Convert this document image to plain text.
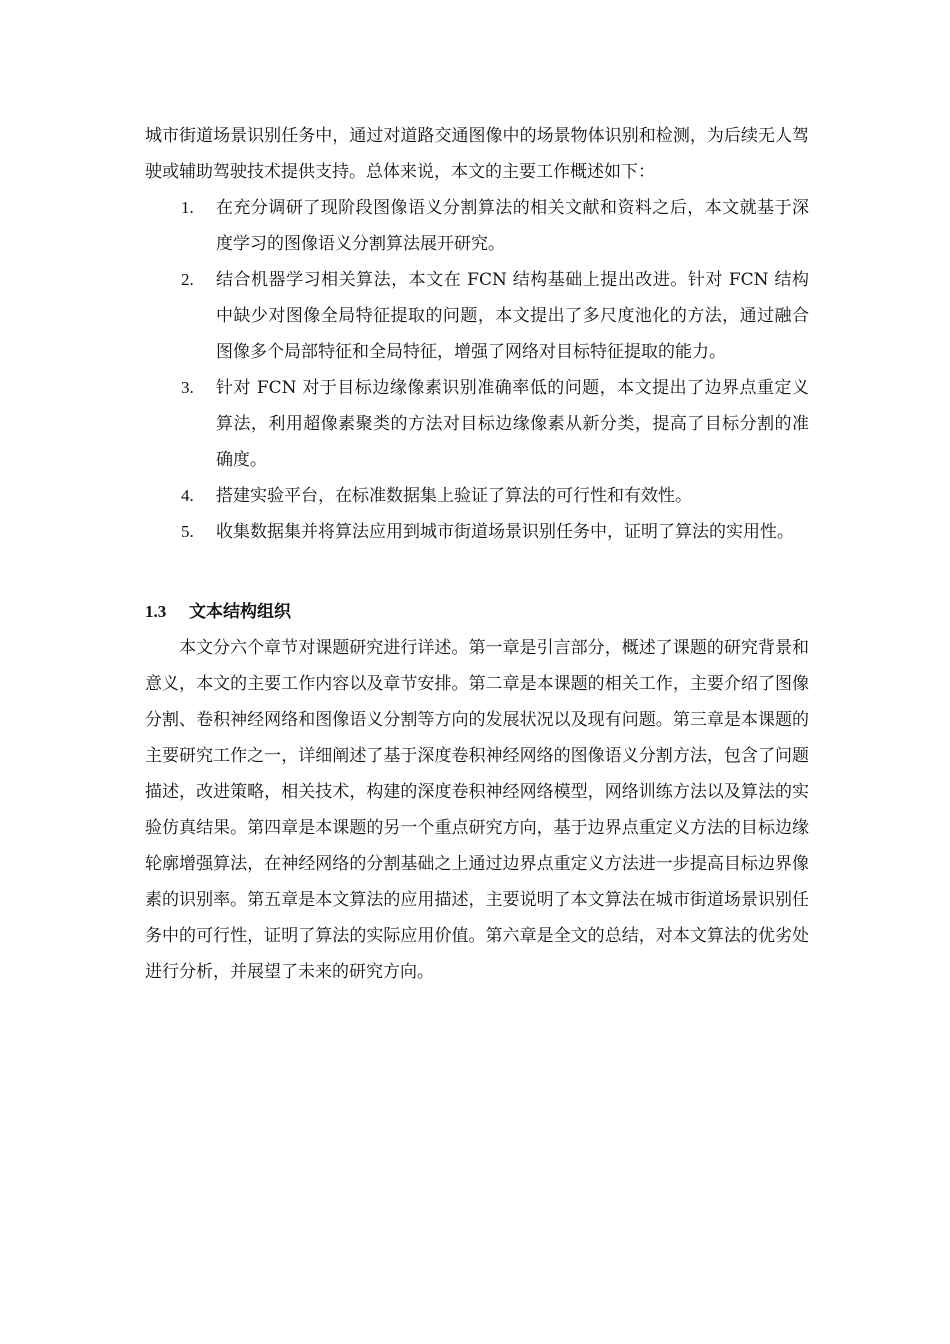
城市街道场景识别任务中，通过对道路交通图像中的场景物体识别和检测，为后续无人驾驶或辅助驾驶技术提供支持。总体来说，本文的主要工作概述如下：

1. 在充分调研了现阶段图像语义分割算法的相关文献和资料之后，本文就基于深度学习的图像语义分割算法展开研究。
2. 结合机器学习相关算法，本文在 FCN 结构基础上提出改进。针对 FCN 结构中缺少对图像全局特征提取的问题，本文提出了多尺度池化的方法，通过融合图像多个局部特征和全局特征，增强了网络对目标特征提取的能力。
3. 针对 FCN 对于目标边缘像素识别准确率低的问题，本文提出了边界点重定义算法，利用超像素聚类的方法对目标边缘像素从新分类，提高了目标分割的准确度。
4. 搭建实验平台，在标准数据集上验证了算法的可行性和有效性。
5. 收集数据集并将算法应用到城市街道场景识别任务中，证明了算法的实用性。
1.3 文本结构组织

本文分六个章节对课题研究进行详述。第一章是引言部分，概述了课题的研究背景和意义，本文的主要工作内容以及章节安排。第二章是本课题的相关工作，主要介绍了图像分割、卷积神经网络和图像语义分割等方向的发展状况以及现有问题。第三章是本课题的主要研究工作之一，详细阐述了基于深度卷积神经网络的图像语义分割方法，包含了问题描述，改进策略，相关技术，构建的深度卷积神经网络模型，网络训练方法以及算法的实验仿真结果。第四章是本课题的另一个重点研究方向，基于边界点重定义方法的目标边缘轮廓增强算法，在神经网络的分割基础之上通过边界点重定义方法进一步提高目标边界像素的识别率。第五章是本文算法的应用描述，主要说明了本文算法在城市街道场景识别任务中的可行性，证明了算法的实际应用价值。第六章是全文的总结，对本文算法的优劣处进行分析，并展望了未来的研究方向。
